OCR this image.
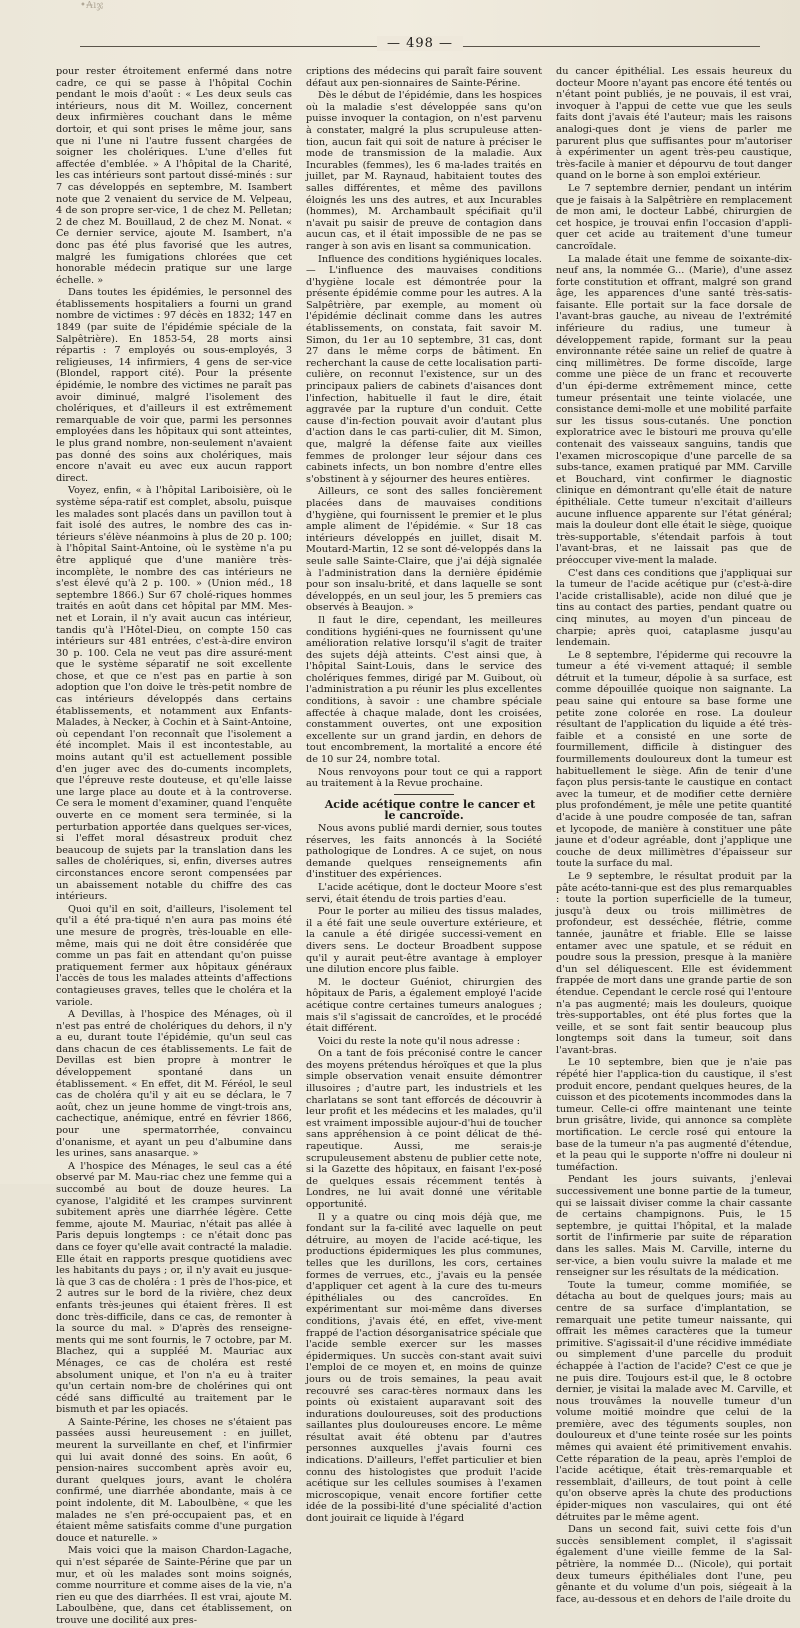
•₳ıჯ
— 498 —

pour rester étroitement enfermé dans notre cadre, ce qui se passe à l'hôpital Cochin pendant le mois d'août : « Les deux seuls cas intérieurs, nous dit M. Woillez, concernent deux infirmières couchant dans le même dortoir, et qui sont prises le même jour, sans que ni l'une ni l'autre fussent chargées de soigner les cholériques. L'une d'elles fut affectée d'emblée. » A l'hôpital de la Charité, les cas intérieurs sont partout dissé-minés : sur 7 cas développés en septembre, M. Isambert note que 2 venaient du service de M. Velpeau, 4 de son propre ser-vice, 1 de chez M. Pelletan; 2 de chez M. Bouillaud, 2 de chez M. Nonat. « Ce dernier service, ajoute M. Isambert, n'a donc pas été plus favorisé que les autres, malgré les fumigations chlorées que cet honorable médecin pratique sur une large échelle. »

Dans toutes les épidémies, le personnel des établissements hospitaliers a fourni un grand nombre de victimes : 97 décès en 1832; 147 en 1849 (par suite de l'épidémie spéciale de la Salpêtrière). En 1853-54, 28 morts ainsi répartis : 7 employés ou sous-employés, 3 religieuses, 14 infirmiers, 4 gens de ser-vice (Blondel, rapport cité). Pour la présente épidémie, le nombre des victimes ne paraît pas avoir diminué, malgré l'isolement des cholériques, et d'ailleurs il est extrêmement remarquable de voir que, parmi les personnes employées dans les hôpitaux qui sont atteintes, le plus grand nombre, non-seulement n'avaient pas donné des soins aux cholériques, mais encore n'avait eu avec eux aucun rapport direct.

Voyez, enfin, « à l'hôpital Lariboisière, où le système sépa-ratif est complet, absolu, puisque les malades sont placés dans un pavillon tout à fait isolé des autres, le nombre des cas in-térieurs s'élève néanmoins à plus de 20 p. 100; à l'hôpital Saint-Antoine, où le système n'a pu être appliqué que d'une manière très-incomplète, le nombre des cas intérieurs ne s'est élevé qu'à 2 p. 100. » (Union méd., 18 septembre 1866.) Sur 67 cholé-riques hommes traités en août dans cet hôpital par MM. Mes-net et Lorain, il n'y avait aucun cas intérieur, tandis qu'à l'Hôtel-Dieu, on compte 150 cas intérieurs sur 481 entrées, c'est-à-dire environ 30 p. 100. Cela ne veut pas dire assuré-ment que le système séparatif ne soit excellente chose, et que ce n'est pas en partie à son adoption que l'on doive le très-petit nombre de cas intérieurs développés dans certains établissements, et notamment aux Enfants-Malades, à Necker, à Cochin et à Saint-Antoine, où cependant l'on reconnaît que l'isolement a été incomplet. Mais il est incontestable, au moins autant qu'il est actuellement possible d'en juger avec des do-cuments incomplets, que l'épreuve reste douteuse, et qu'elle laisse une large place au doute et à la controverse. Ce sera le moment d'examiner, quand l'enquête ouverte en ce moment sera terminée, si la perturbation apportée dans quelques ser-vices, si l'effet moral désastreux produit chez beaucoup de sujets par la translation dans les salles de cholériques, si, enfin, diverses autres circonstances encore seront compensées par un abaissement notable du chiffre des cas intérieurs.

Quoi qu'il en soit, d'ailleurs, l'isolement tel qu'il a été pra-tiqué n'en aura pas moins été une mesure de progrès, très-louable en elle-même, mais qui ne doit être considérée que comme un pas fait en attendant qu'on puisse pratiquement fermer aux hôpitaux généraux l'accès de tous les malades atteints d'affections contagieuses graves, telles que le choléra et la variole.

A Devillas, à l'hospice des Ménages, où il n'est pas entré de cholériques du dehors, il n'y a eu, durant toute l'épidémie, qu'un seul cas dans chacun de ces établissements. Le fait de Devillas est bien propre à montrer le développement spontané dans un établissement. « En effet, dit M. Féréol, le seul cas de choléra qu'il y ait eu se déclara, le 7 août, chez un jeune homme de vingt-trois ans, cachectique, anémique, entré en février 1866, pour une spermatorrhée, convaincu d'onanisme, et ayant un peu d'albumine dans les urines, sans anasarque. »

A l'hospice des Ménages, le seul cas a été observé par M. Mau-riac chez une femme qui a succombé au bout de douze heures. La cyanose, l'algidité et les crampes survinrent subitement après une diarrhée légère. Cette femme, ajoute M. Mauriac, n'était pas allée à Paris depuis longtemps : ce n'était donc pas dans ce foyer qu'elle avait contracté la maladie. Elle était en rapports presque quotidiens avec les habitants du pays ; or, il n'y avait eu jusque-là que 3 cas de choléra : 1 près de l'hos-pice, et 2 autres sur le bord de la rivière, chez deux enfants très-jeunes qui étaient frères. Il est donc très-difficile, dans ce cas, de remonter à la source du mal. » D'après des renseigne-ments qui me sont fournis, le 7 octobre, par M. Blachez, qui a suppléé M. Mauriac aux Ménages, ce cas de choléra est resté absolument unique, et l'on n'a eu à traiter qu'un certain nom-bre de cholérines qui ont cédé sans difficulté au traitement par le bismuth et par les opiacés.

A Sainte-Périne, les choses ne s'étaient pas passées aussi heureusement : en juillet, meurent la surveillante en chef, et l'infirmier qui lui avait donné des soins. En août, 6 pension-naires succombent après avoir eu, durant quelques jours, avant le choléra confirmé, une diarrhée abondante, mais à ce point indolente, dit M. Laboulbène, « que les malades ne s'en pré-occupaient pas, et en étaient même satisfaits comme d'une purgation douce et naturelle. »

Mais voici que la maison Chardon-Lagache, qui n'est séparée de Sainte-Périne que par un mur, et où les malades sont moins soignés, comme nourriture et comme aises de la vie, n'a rien eu que des diarrhées. Il est vrai, ajoute M. Laboulbène, que, dans cet établissement, on trouve une docilité aux pres-

criptions des médecins qui paraît faire souvent défaut aux pen-sionnaires de Sainte-Périne.

Dès le début de l'épidémie, dans les hospices où la maladie s'est développée sans qu'on puisse invoquer la contagion, on n'est parvenu à constater, malgré la plus scrupuleuse atten-tion, aucun fait qui soit de nature à préciser le mode de transmission de la maladie. Aux Incurables (femmes), les 6 ma-lades traités en juillet, par M. Raynaud, habitaient toutes des salles différentes, et même des pavillons éloignés les uns des autres, et aux Incurables (hommes), M. Archambault spécifiait qu'il n'avait pu saisir de preuve de contagion dans aucun cas, et il était impossible de ne pas se ranger à son avis en lisant sa communication.

Influence des conditions hygiéniques locales. — L'influence des mauvaises conditions d'hygiène locale est démontrée pour la présente épidémie comme pour les autres. A la Salpêtrière, par exemple, au moment où l'épidémie déclinait comme dans les autres établissements, on constata, fait savoir M. Simon, du 1er au 10 septembre, 31 cas, dont 27 dans le même corps de bâtiment. En recherchant la cause de cette localisation parti-culière, on reconnut l'existence, sur un des principaux paliers de cabinets d'aisances dont l'infection, habituelle il faut le dire, était aggravée par la rupture d'un conduit. Cette cause d'in-fection pouvait avoir d'autant plus d'action dans le cas parti-culier, dit M. Simon, que, malgré la défense faite aux vieilles femmes de prolonger leur séjour dans ces cabinets infects, un bon nombre d'entre elles s'obstinent à y séjourner des heures entières.

Ailleurs, ce sont des salles foncièrement placées dans de mauvaises conditions d'hygiène, qui fournissent le premier et le plus ample aliment de l'épidémie. « Sur 18 cas intérieurs développés en juillet, disait M. Moutard-Martin, 12 se sont dé-veloppés dans la seule salle Sainte-Claire, que j'ai déjà signalée à l'administration dans la dernière épidémie pour son insalu-brité, et dans laquelle se sont développés, en un seul jour, les 5 premiers cas observés à Beaujon. »

Il faut le dire, cependant, les meilleures conditions hygiéni-ques ne fournissent qu'une amélioration relative lorsqu'il s'agit de traiter des sujets déjà atteints. C'est ainsi que, à l'hôpital Saint-Louis, dans le service des cholériques femmes, dirigé par M. Guibout, où l'administration a pu réunir les plus excellentes conditions, à savoir : une chambre spéciale affectée à chaque malade, dont les croisées, constamment ouvertes, ont une exposition excellente sur un grand jardin, en dehors de tout encombrement, la mortalité a encore été de 10 sur 24, nombre total.

Nous renvoyons pour tout ce qui a rapport au traitement à la Revue prochaine.

Acide acétique contre le cancer et le cancroïde.

Nous avons publié mardi dernier, sous toutes réserves, les faits annoncés à la Société pathologique de Londres. A ce sujet, on nous demande quelques renseignements afin d'instituer des expériences.

L'acide acétique, dont le docteur Moore s'est servi, était étendu de trois parties d'eau.

Pour le porter au milieu des tissus malades, il a été fait une seule ouverture extérieure, et la canule a été dirigée successi-vement en divers sens. Le docteur Broadbent suppose qu'il y aurait peut-être avantage à employer une dilution encore plus faible.

M. le docteur Guéniot, chirurgien des hôpitaux de Paris, a également employé l'acide acétique contre certaines tumeurs analogues ; mais s'il s'agissait de cancroïdes, et le procédé était différent.

Voici du reste la note qu'il nous adresse :

On a tant de fois préconisé contre le cancer des moyens prétendus héroïques et que la plus simple observation venait ensuite démontrer illusoires ; d'autre part, les industriels et les charlatans se sont tant efforcés de découvrir à leur profit et les médecins et les malades, qu'il est vraiment impossible aujour-d'hui de toucher sans appréhension à ce point délicat de thé-rapeutique. Aussi, me serais-je scrupuleusement abstenu de publier cette note, si la Gazette des hôpitaux, en faisant l'ex-posé de quelques essais récemment tentés à Londres, ne lui avait donné une véritable opportunité.

Il y a quatre ou cinq mois déjà que, me fondant sur la fa-cilité avec laquelle on peut détruire, au moyen de l'acide acé-tique, les productions épidermiques les plus communes, telles que les durillons, les cors, certaines formes de verrues, etc., j'avais eu la pensée d'appliquer cet agent à la cure des tu-meurs épithéliales ou des cancroïdes. En expérimentant sur moi-même dans diverses conditions, j'avais été, en effet, vive-ment frappé de l'action désorganisatrice spéciale que l'acide semble exercer sur les masses épidermiques. Un succès con-stant avait suivi l'emploi de ce moyen et, en moins de quinze jours ou de trois semaines, la peau avait recouvré ses carac-tères normaux dans les points où existaient auparavant soit des indurations douloureuses, soit des productions saillantes plus douloureuses encore. Le même résultat avait été obtenu par d'autres personnes auxquelles j'avais fourni ces indications. D'ailleurs, l'effet particulier et bien connu des histologistes que produit l'acide acétique sur les cellules soumises à l'examen microscopique, venait encore fortifier cette idée de la possibi-lité d'une spécialité d'action dont jouirait ce liquide à l'égard

du cancer épithélial. Les essais heureux du docteur Moore n'ayant pas encore été tentés ou n'étant point publiés, je ne pouvais, il est vrai, invoquer à l'appui de cette vue que les seuls faits dont j'avais été l'auteur; mais les raisons analogi-ques dont je viens de parler me parurent plus que suffisantes pour m'autoriser à expérimenter un agent très-peu caustique, très-facile à manier et dépourvu de tout danger quand on le borne à son emploi extérieur.

Le 7 septembre dernier, pendant un intérim que je faisais à la Salpêtrière en remplacement de mon ami, le docteur Labbé, chirurgien de cet hospice, je trouvai enfin l'occasion d'appli-quer cet acide au traitement d'une tumeur cancroïdale.

La malade était une femme de soixante-dix-neuf ans, la nommée G... (Marie), d'une assez forte constitution et offrant, malgré son grand âge, les apparences d'une santé très-satis-faisante. Elle portait sur la face dorsale de l'avant-bras gauche, au niveau de l'extrémité inférieure du radius, une tumeur à développement rapide, formant sur la peau environnante rétée saine un relief de quatre à cinq millimètres. De forme discoïde, large comme une pièce de un franc et recouverte d'un épi-derme extrêmement mince, cette tumeur présentait une teinte violacée, une consistance demi-molle et une mobilité parfaite sur les tissus sous-cutanés. Une ponction exploratrice avec le bistouri me prouva qu'elle contenait des vaisseaux sanguins, tandis que l'examen microscopique d'une parcelle de sa subs-tance, examen pratiqué par MM. Carville et Bouchard, vint confirmer le diagnostic clinique en démontrant qu'elle était de nature épithéliale. Cette tumeur n'excitait d'ailleurs aucune influence apparente sur l'état général; mais la douleur dont elle était le siège, quoique très-supportable, s'étendait parfois à tout l'avant-bras, et ne laissait pas que de préoccuper vive-ment la malade.

C'est dans ces conditions que j'appliquai sur la tumeur de l'acide acétique pur (c'est-à-dire l'acide cristallisable), acide non dilué que je tins au contact des parties, pendant quatre ou cinq minutes, au moyen d'un pinceau de charpie; après quoi, cataplasme jusqu'au lendemain.

Le 8 septembre, l'épiderme qui recouvre la tumeur a été vi-vement attaqué; il semble détruit et la tumeur, dépolie à sa surface, est comme dépouillée quoique non saignante. La peau saine qui entoure sa base forme une petite zone colorée en rose. La douleur résultant de l'application du liquide a été très-faible et a consisté en une sorte de fourmillement, difficile à distinguer des fourmillements douloureux dont la tumeur est habituellement le siège. Afin de tenir d'une façon plus persis-tante le caustique en contact avec la tumeur, et de modifier cette dernière plus profondément, je mêle une petite quantité d'acide à une poudre composée de tan, safran et lycopode, de manière à constituer une pâte jaune et d'odeur agréable, dont j'applique une couche de deux millimètres d'épaisseur sur toute la surface du mal.

Le 9 septembre, le résultat produit par la pâte acéto-tanni-que est des plus remarquables : toute la portion superficielle de la tumeur, jusqu'à deux ou trois millimètres de profondeur, est desséchée, flétrie, comme tannée, jaunâtre et friable. Elle se laisse entamer avec une spatule, et se réduit en poudre sous la pression, presque à la manière d'un sel déliquescent. Elle est évidemment frappée de mort dans une grande partie de son étendue. Cependant le cercle rosé qui l'entoure n'a pas augmenté; mais les douleurs, quoique très-supportables, ont été plus fortes que la veille, et se sont fait sentir beaucoup plus longtemps soit dans la tumeur, soit dans l'avant-bras.

Le 10 septembre, bien que je n'aie pas répété hier l'applica-tion du caustique, il s'est produit encore, pendant quelques heures, de la cuisson et des picotements incommodes dans la tumeur. Celle-ci offre maintenant une teinte brun grisâtre, livide, qui annonce sa complète mortification. Le cercle rosé qui entoure la base de la tumeur n'a pas augmenté d'étendue, et la peau qui le supporte n'offre ni douleur ni tuméfaction.

Pendant les jours suivants, j'enlevai successivement une bonne partie de la tumeur, qui se laissait diviser comme la chair cassante de certains champignons. Puis, le 15 septembre, je quittai l'hôpital, et la malade sortit de l'infirmerie par suite de réparation dans les salles. Mais M. Carville, interne du ser-vice, a bien voulu suivre la malade et me renseigner sur les résultats de la médication.

Toute la tumeur, comme momifiée, se détacha au bout de quelques jours; mais au centre de sa surface d'implantation, se remarquait une petite tumeur naissante, qui offrait les mêmes caractères que la tumeur primitive. S'agissait-il d'une récidive immédiate ou simplement d'une parcelle du produit échappée à l'action de l'acide? C'est ce que je ne puis dire. Toujours est-il que, le 8 octobre dernier, je visitai la malade avec M. Carville, et nous trouvâmes la nouvelle tumeur d'un volume moitié moindre que celui de la première, avec des téguments souples, non douloureux et d'une teinte rosée sur les points mêmes qui avaient été primitivement envahis. Cette réparation de la peau, après l'emploi de l'acide acétique, était très-remarquable et ressemblait, d'ailleurs, de tout point à celle qu'on observe après la chute des productions épider-miques non vasculaires, qui ont été détruites par le même agent.

Dans un second fait, suivi cette fois d'un succès sensiblement complet, il s'agissait également d'une vieille femme de la Sal-pêtrière, la nommée D... (Nicole), qui portait deux tumeurs épithéliales dont l'une, peu gênante et du volume d'un pois, siégeait à la face, au-dessous et en dehors de l'aile droite du
